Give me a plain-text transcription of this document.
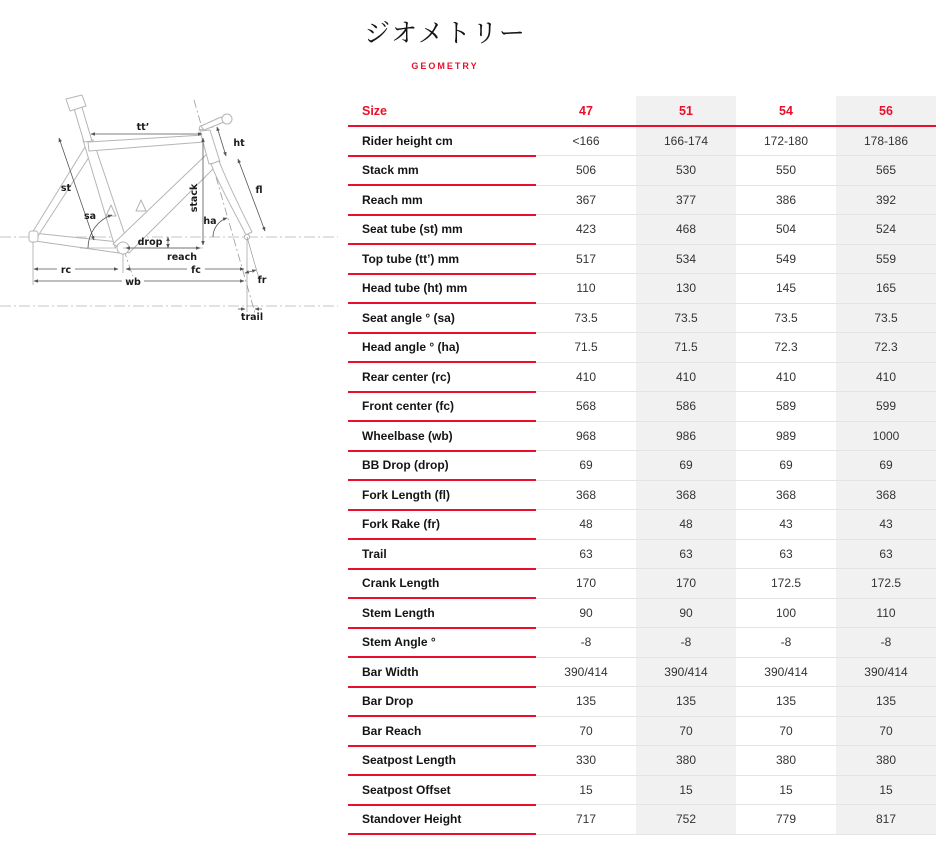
ジオメトリー
GEOMETRY
tt’
ht
st	fl
sa
stack
ha
drop
reach
rc	fc
wb	fr
trail
Size	47	51	54	56
Rider height cm	<166	166-174	172-180	178-186
Stack mm	506	530	550	565
Reach mm	367	377	386	392
Seat tube (st) mm	423	468	504	524
Top tube (tt’) mm	517	534	549	559
Head tube (ht) mm	110	130	145	165
Seat angle ° (sa)	73.5	73.5	73.5	73.5
Head angle ° (ha)	71.5	71.5	72.3	72.3
Rear center (rc)	410	410	410	410
Front center (fc)	568	586	589	599
Wheelbase (wb)	968	986	989	1000
BB Drop (drop)	69	69	69	69
Fork Length (fl)	368	368	368	368
Fork Rake (fr)	48	48	43	43
Trail	63	63	63	63
Crank Length	170	170	172.5	172.5
Stem Length	90	90	100	110
Stem Angle °	-8	-8	-8	-8
Bar Width	390/414	390/414	390/414	390/414
Bar Drop	135	135	135	135
Bar Reach	70	70	70	70
Seatpost Length	330	380	380	380
Seatpost Offset	15	15	15	15
Standover Height	717	752	779	817
